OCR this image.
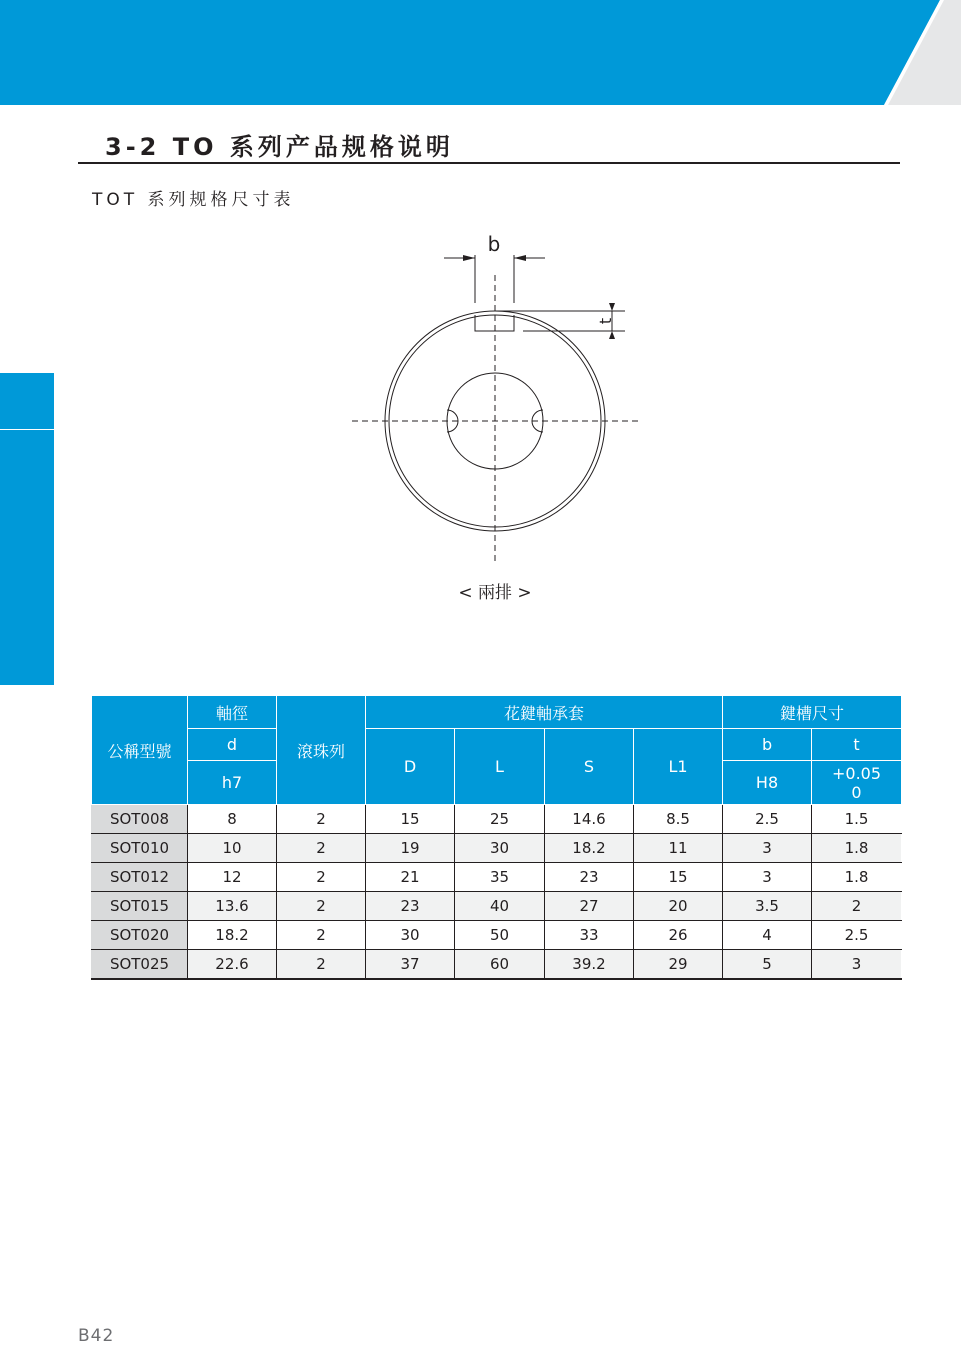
3-2 TO 系列产品规格说明
TOT 系列规格尺寸表
b
t
< 兩排 >
公稱型號	軸徑	滾珠列	花鍵軸承套				鍵槽尺寸	
	d		D	L	S	L1	b	t
	h7						H8	+0.05
0

SOT008	8	2	15	25	14.6	8.5	2.5	1.5
SOT010	10	2	19	30	18.2	11	3	1.8
SOT012	12	2	21	35	23	15	3	1.8
SOT015	13.6	2	23	40	27	20	3.5	2
SOT020	18.2	2	30	50	33	26	4	2.5
SOT025	22.6	2	37	60	39.2	29	5	3
B42
